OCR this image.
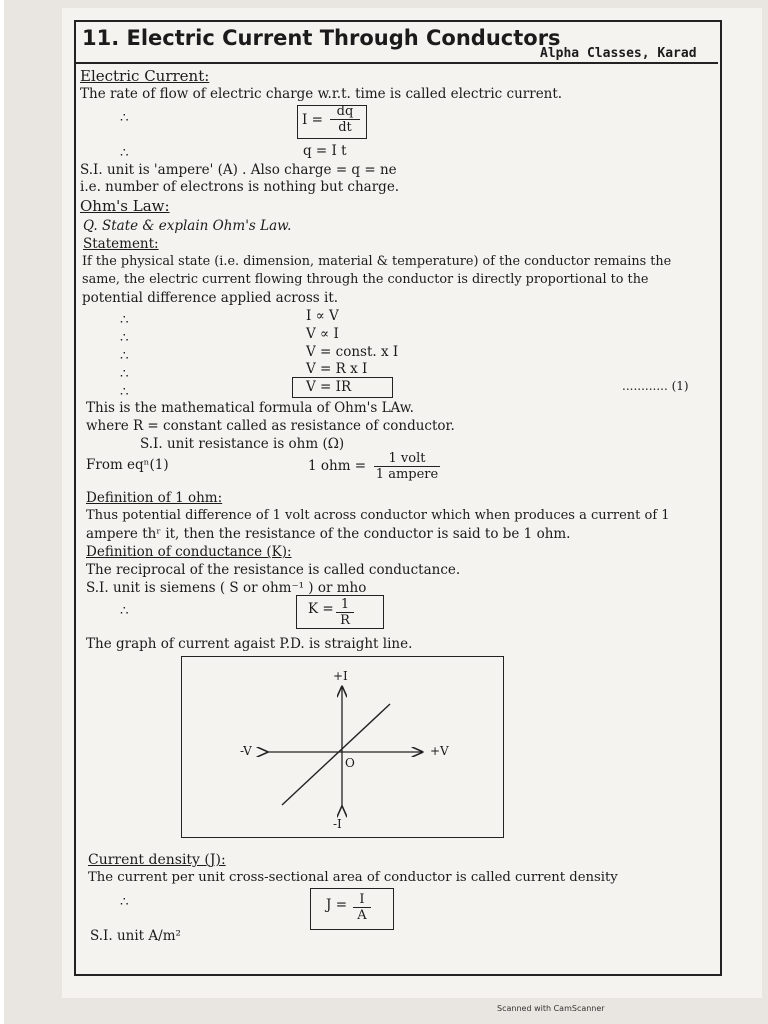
11. Electric Current Through Conductors
Alpha Classes, Karad
Electric Current:
The rate of flow of electric charge w.r.t. time is called electric current.
∴	$I = \frac{dq}{dt}$
∴	q = I t
S.I. unit is 'ampere' (A) . Also charge = q = ne
i.e. number of electrons is nothing but charge.
Ohm's Law:
Q. State & explain Ohm's Law.
Statement:
If the physical state (i.e. dimension, material & temperature) of the conductor remains the
same, the electric current flowing through the conductor is directly proportional to the
potential difference applied across it.
∴	I ∝ V
∴	V ∝ I
∴	V = const. x I
∴	V = R x I
∴	V = IR	............ (1)
This is the mathematical formula of Ohm's LAw.
where R = constant called as resistance of conductor.
S.I. unit resistance is ohm (Ω)
From eqⁿ(1)	1 ohm =	1 volt
1 ampere
Definition of 1 ohm:
Thus potential difference of 1 volt across conductor which when produces a current of 1
ampere thʳ it, then the resistance of the conductor is said to be 1 ohm.
Definition of conductance (K):
The reciprocal of the resistance is called conductance.
S.I. unit is siemens ( S or ohm⁻¹ ) or mho
∴	$K = \frac{1}{R}$
The graph of current agaist P.D. is straight line.
+I
-I
+V
-V
O
Current density (J):
The current per unit cross-sectional area of conductor is called current density
∴	$J = \frac{I}{A}$
S.I. unit A/m²
Scanned with CamScanner
